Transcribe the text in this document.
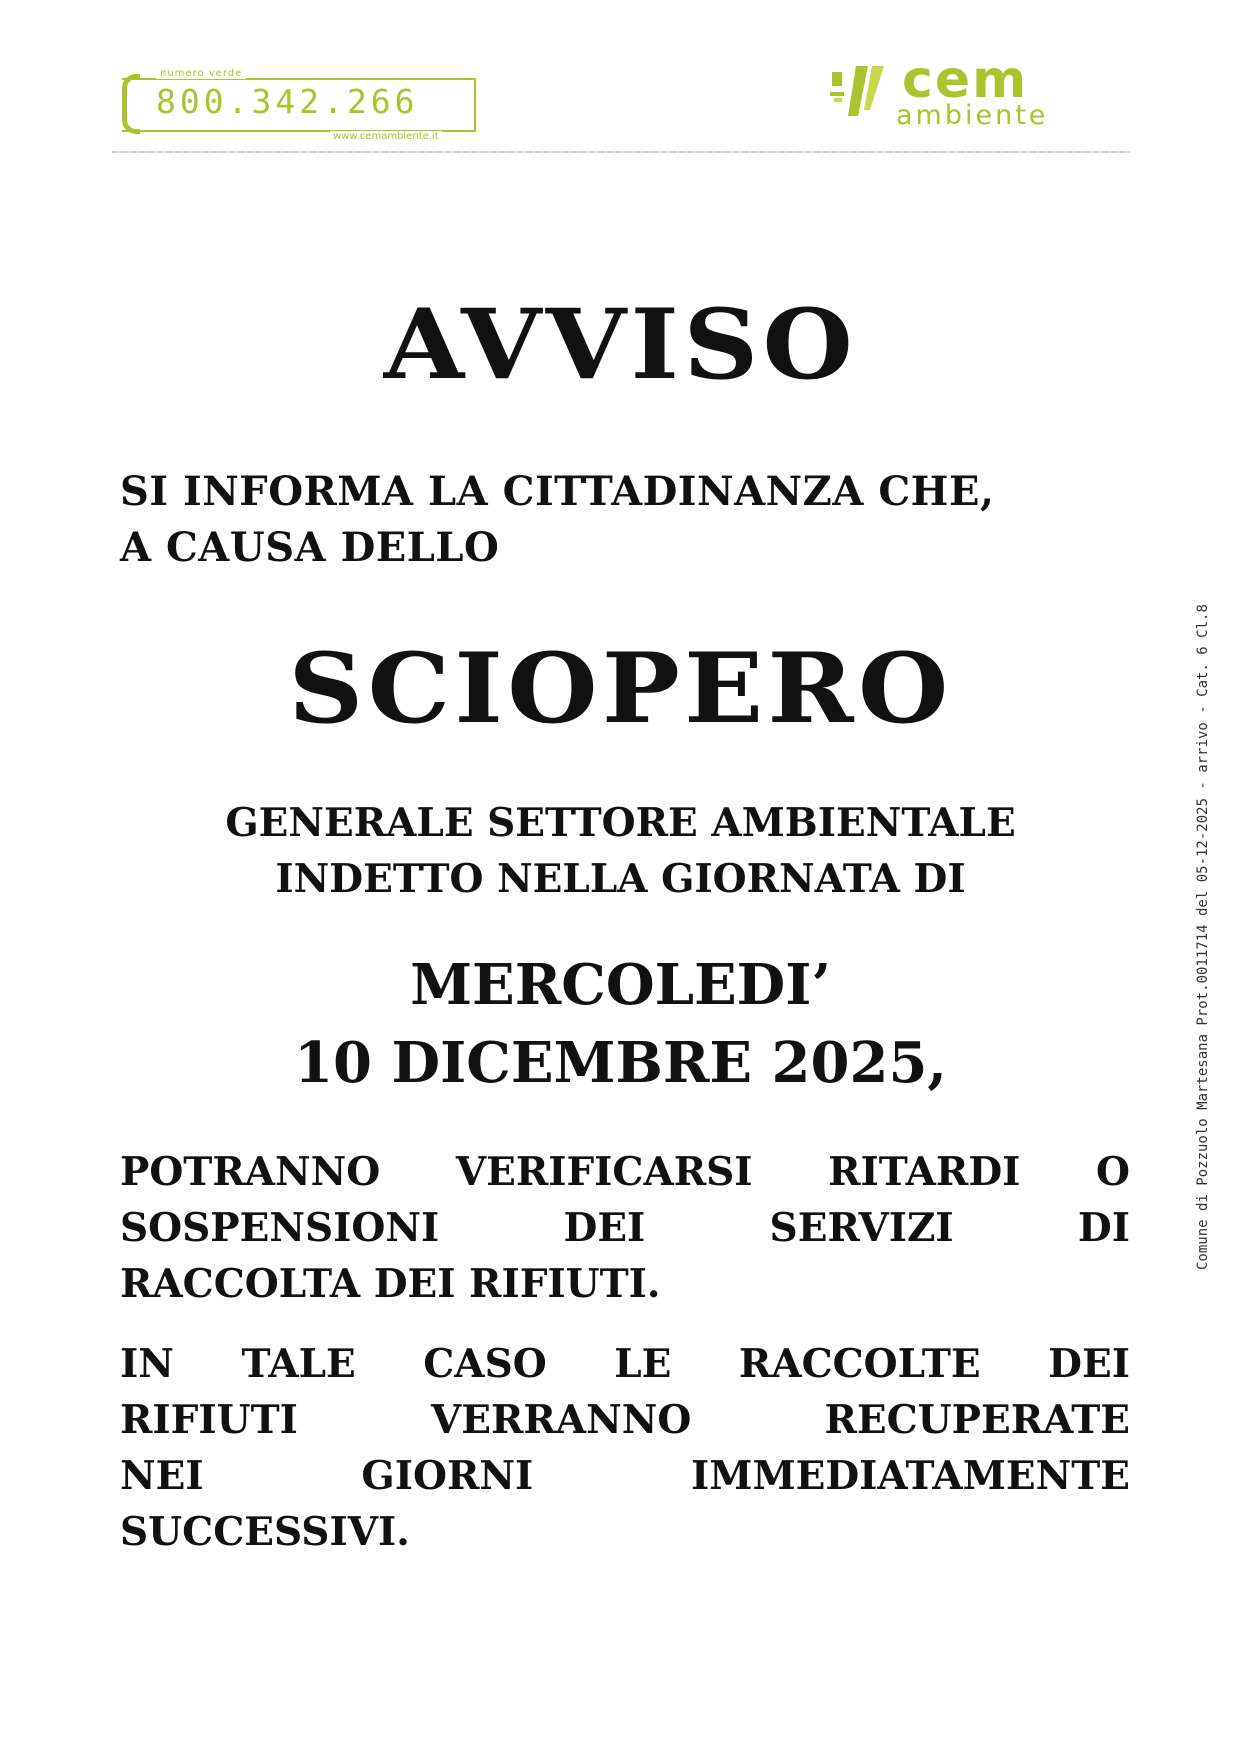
numero verde
800.342.266
www.cemambiente.it
cem
ambiente
AVVISO
SI INFORMA LA CITTADINANZA CHE,
A CAUSA DELLO
SCIOPERO
GENERALE SETTORE AMBIENTALE
INDETTO NELLA GIORNATA DI
MERCOLEDI’
10 DICEMBRE 2025,
POTRANNO VERIFICARSI RITARDI O
SOSPENSIONI	DEI	SERVIZI	DI
RACCOLTA DEI RIFIUTI.
IN TALE CASO LE RACCOLTE DEI
RIFIUTI	VERRANNO	RECUPERATE
NEI	GIORNI	IMMEDIATAMENTE
SUCCESSIVI.
Comune di Pozzuolo Martesana Prot.0011714 del 05-12-2025 - arrivo - Cat. 6 Cl.8
